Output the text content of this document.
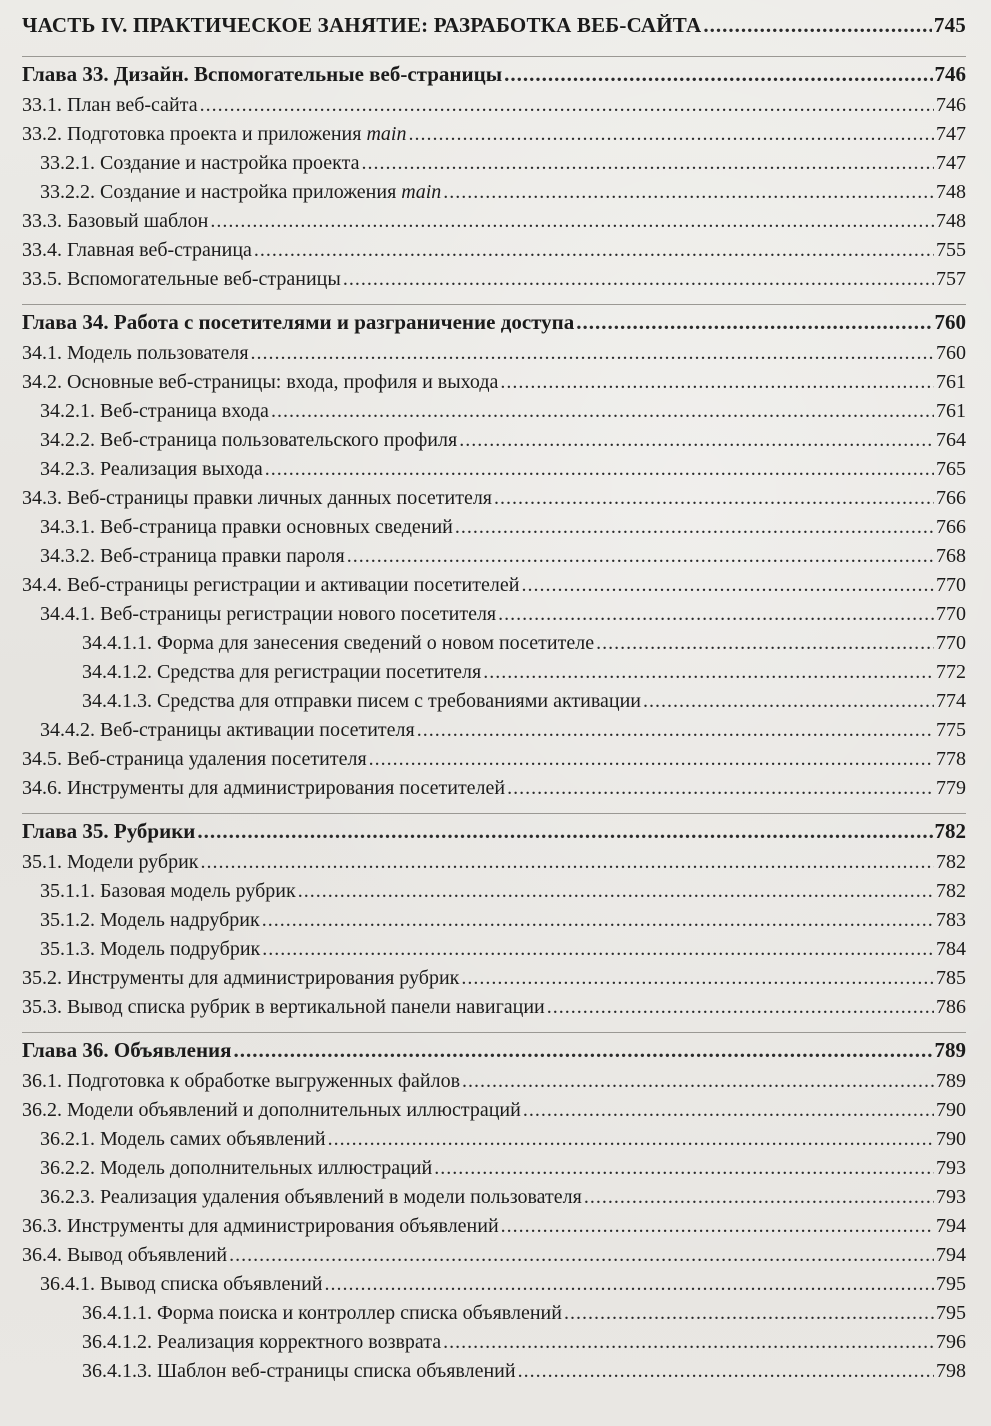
ЧАСТЬ IV. ПРАКТИЧЕСКОЕ ЗАНЯТИЕ: РАЗРАБОТКА ВЕБ-САЙТА .....	745
Глава 33. Дизайн. Вспомогательные веб-страницы .....	746
33.1. План веб-сайта .....	746
33.2. Подготовка проекта и приложения main .....	747
33.2.1. Создание и настройка проекта .....	747
33.2.2. Создание и настройка приложения main .....	748
33.3. Базовый шаблон .....	748
33.4. Главная веб-страница .....	755
33.5. Вспомогательные веб-страницы .....	757
Глава 34. Работа с посетителями и разграничение доступа .....	760
34.1. Модель пользователя .....	760
34.2. Основные веб-страницы: входа, профиля и выхода .....	761
34.2.1. Веб-страница входа .....	761
34.2.2. Веб-страница пользовательского профиля .....	764
34.2.3. Реализация выхода .....	765
34.3. Веб-страницы правки личных данных посетителя .....	766
34.3.1. Веб-страница правки основных сведений .....	766
34.3.2. Веб-страница правки пароля .....	768
34.4. Веб-страницы регистрации и активации посетителей .....	770
34.4.1. Веб-страницы регистрации нового посетителя .....	770
34.4.1.1. Форма для занесения сведений о новом посетителе .....	770
34.4.1.2. Средства для регистрации посетителя .....	772
34.4.1.3. Средства для отправки писем с требованиями активации .....	774
34.4.2. Веб-страницы активации посетителя .....	775
34.5. Веб-страница удаления посетителя .....	778
34.6. Инструменты для администрирования посетителей .....	779
Глава 35. Рубрики .....	782
35.1. Модели рубрик .....	782
35.1.1. Базовая модель рубрик .....	782
35.1.2. Модель надрубрик .....	783
35.1.3. Модель подрубрик .....	784
35.2. Инструменты для администрирования рубрик .....	785
35.3. Вывод списка рубрик в вертикальной панели навигации .....	786
Глава 36. Объявления .....	789
36.1. Подготовка к обработке выгруженных файлов .....	789
36.2. Модели объявлений и дополнительных иллюстраций .....	790
36.2.1. Модель самих объявлений .....	790
36.2.2. Модель дополнительных иллюстраций .....	793
36.2.3. Реализация удаления объявлений в модели пользователя .....	793
36.3. Инструменты для администрирования объявлений .....	794
36.4. Вывод объявлений .....	794
36.4.1. Вывод списка объявлений .....	795
36.4.1.1. Форма поиска и контроллер списка объявлений .....	795
36.4.1.2. Реализация корректного возврата .....	796
36.4.1.3. Шаблон веб-страницы списка объявлений .....	798
